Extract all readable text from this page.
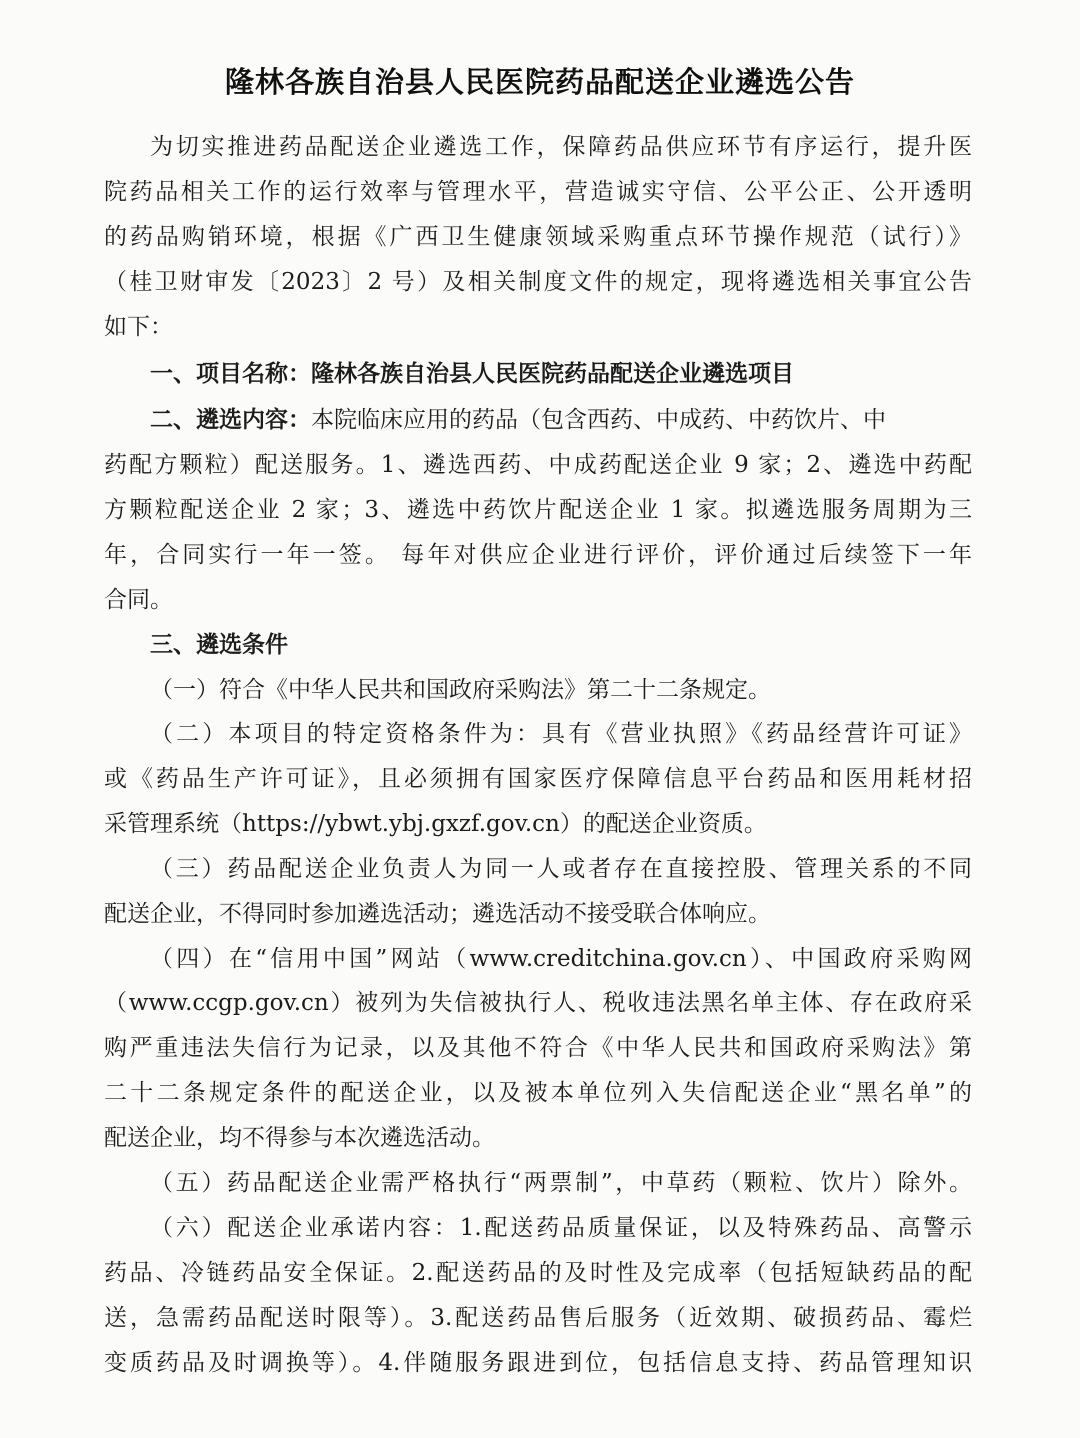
隆林各族自治县人民医院药品配送企业遴选公告
为切实推进药品配送企业遴选工作，保障药品供应环节有序运行，提升医
院药品相关工作的运行效率与管理水平，营造诚实守信、公平公正、公开透明
的药品购销环境，根据《广西卫生健康领域采购重点环节操作规范（试行）》
（桂卫财审发〔2023〕2 号）及相关制度文件的规定，现将遴选相关事宜公告
如下：
一、项目名称：隆林各族自治县人民医院药品配送企业遴选项目
二、遴选内容：本院临床应用的药品（包含西药、中成药、中药饮片、中
药配方颗粒）配送服务。1、遴选西药、中成药配送企业 9 家；2、遴选中药配
方颗粒配送企业 2 家；3、遴选中药饮片配送企业 1 家。拟遴选服务周期为三
年，合同实行一年一签。 每年对供应企业进行评价，评价通过后续签下一年
合同。
三、遴选条件
（一）符合《中华人民共和国政府采购法》第二十二条规定。
（二）本项目的特定资格条件为：具有《营业执照》《药品经营许可证》
或《药品生产许可证》，且必须拥有国家医疗保障信息平台药品和医用耗材招
采管理系统（https://ybwt.ybj.gxzf.gov.cn）的配送企业资质。
（三）药品配送企业负责人为同一人或者存在直接控股、管理关系的不同
配送企业，不得同时参加遴选活动；遴选活动不接受联合体响应。
（四）在“信用中国”网站（www.creditchina.gov.cn）、中国政府采购网
（www.ccgp.gov.cn）被列为失信被执行人、税收违法黑名单主体、存在政府采
购严重违法失信行为记录，以及其他不符合《中华人民共和国政府采购法》第
二十二条规定条件的配送企业，以及被本单位列入失信配送企业“黑名单”的
配送企业，均不得参与本次遴选活动。
（五）药品配送企业需严格执行“两票制”，中草药（颗粒、饮片）除外。
（六）配送企业承诺内容：1.配送药品质量保证，以及特殊药品、高警示
药品、冷链药品安全保证。2.配送药品的及时性及完成率（包括短缺药品的配
送，急需药品配送时限等）。3.配送药品售后服务（近效期、破损药品、霉烂
变质药品及时调换等）。4.伴随服务跟进到位，包括信息支持、药品管理知识
